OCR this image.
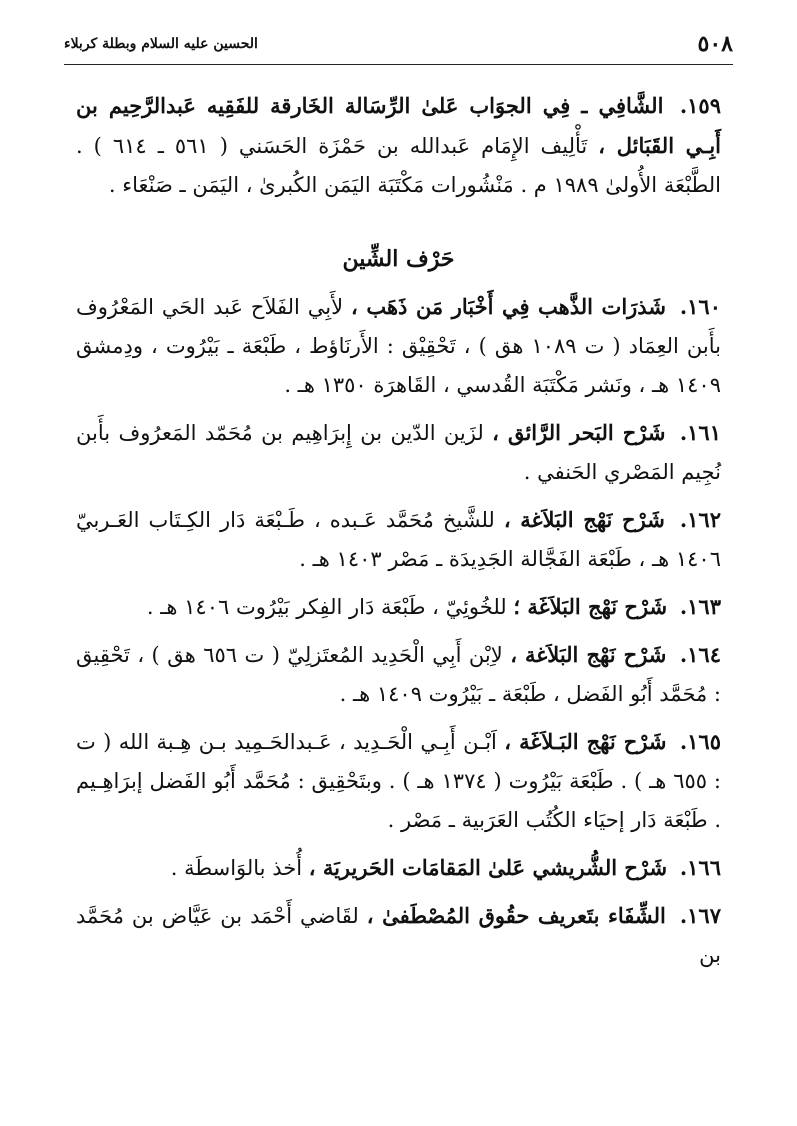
٥٠٨
الحسين عليه السلام وبطلة كربلاء

١٥٩. الشَّافِي ـ فِي الجوَاب عَلىٰ الرِّسَالة الخَارقة للفَقِيه عَبدالرَّحِيم بن أَبِـي القَبَائل ، تَأْلِيف الإِمَام عَبدالله بن حَمْزَة الحَسَني ( ٥٦١ ـ ٦١٤ ) . الطَّبْعَة الأُولىٰ ١٩٨٩ م . مَنْشُورات مَكْتَبَة اليَمَن الكُبرىٰ ، اليَمَن ـ صَنْعَاء .

حَرْف الشِّين

١٦٠. شَذرَات الذَّهب فِي أَخْبَار مَن ذَهَب ، لأَبِي الفَلاَح عَبد الحَي المَعْرُوف بأَبن العِمَاد ( ت ١٠٨٩ هق ) ، تَحْقِيْق : الأَرنَاؤط ، طَبْعَة ـ بَيْرُوت ، ودِمشق ١٤٠٩ هـ ، ونَشر مَكْتَبَة القُدسي ، القَاهرَة ١٣٥٠ هـ .

١٦١. شَرْح البَحر الرَّائق ، لزَين الدّين بن إِبرَاهِيم بن مُحَمّد المَعرُوف بأَبن نُجِيم المَصْري الحَنفي .

١٦٢. شَرْح نَهْج البَلاَغة ، للشَّيخ مُحَمَّد عَـبده ، طَـبْعَة دَار الكِـتَاب العَـربيّ ١٤٠٦ هـ ، طَبْعَة الفَجَّالة الجَدِيدَة ـ مَصْر ١٤٠٣ هـ .

١٦٣. شَرْح نَهْج البَلاَغَة ؛ للخُوئِيّ ، طَبْعَة دَار الفِكر بَيْرُوت ١٤٠٦ هـ .

١٦٤. شَرْح نَهْج البَلاَغة ، لاِبْن أَبِي الْحَدِيد المُعتَزلِيّ ( ت ٦٥٦ هق ) ، تَحْقِيق : مُحَمَّد أَبُو الفَضل ، طَبْعَة ـ بَيْرُوت ١٤٠٩ هـ .

١٦٥. شَرْح نَهْج البَـلاَغَة ، اَبْـن أَبِـي الْحَـدِيد ، عَـبدالحَـمِيد بـن هِـبة الله ( ت : ٦٥٥ هـ ) . طَبْعَة بَيْرُوت ( ١٣٧٤ هـ ) . وبتَحْقِيق : مُحَمَّد أَبُو الفَضل إبرَاهِـيم . طَبْعَة دَار إحيَاء الكُتُب العَرَبية ـ مَصْر .

١٦٦. شَرْح الشُّريشي عَلىٰ المَقامَات الحَريريَة ، أُخذ بالوَاسطَة .

١٦٧. الشِّفَاء بتَعريف حقُوق المُصْطَفىٰ ، لقَاضي أَحْمَد بن عَيَّاض بن مُحَمَّد بن
